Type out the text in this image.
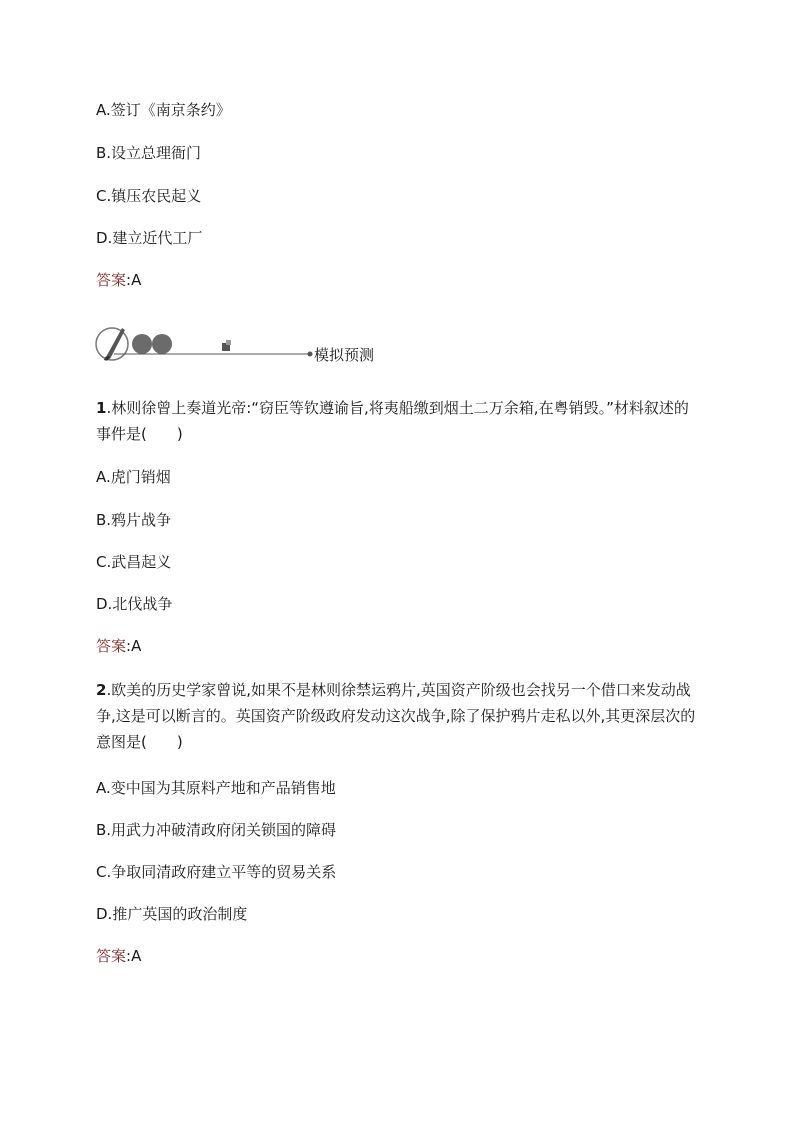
A.签订《南京条约》
B.设立总理衙门
C.镇压农民起义
D.建立近代工厂
答案:A
模拟预测
1.林则徐曾上奏道光帝:“窃臣等钦遵谕旨,将夷船缴到烟土二万余箱,在粤销毁。”材料叙述的事件是(　　)
A.虎门销烟
B.鸦片战争
C.武昌起义
D.北伐战争
答案:A
2.欧美的历史学家曾说,如果不是林则徐禁运鸦片,英国资产阶级也会找另一个借口来发动战争,这是可以断言的。英国资产阶级政府发动这次战争,除了保护鸦片走私以外,其更深层次的意图是(　　)
A.变中国为其原料产地和产品销售地
B.用武力冲破清政府闭关锁国的障碍
C.争取同清政府建立平等的贸易关系
D.推广英国的政治制度
答案:A
